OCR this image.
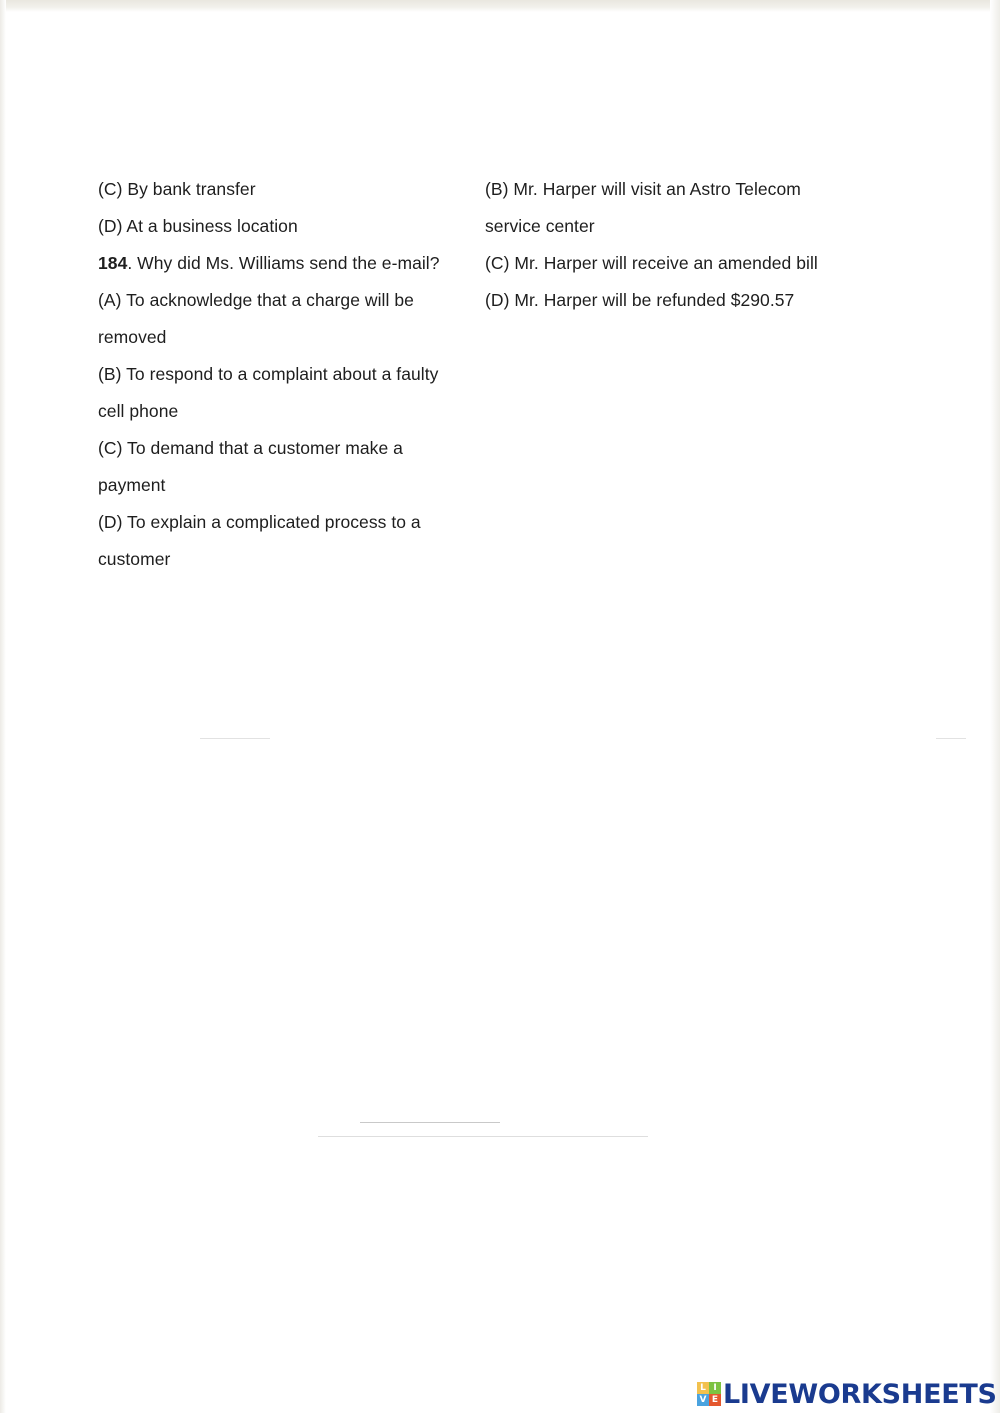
(C) By bank transfer
(D) At a business location
184. Why did Ms. Williams send the e-mail?
(A) To acknowledge that a charge will be
removed
(B) To respond to a complaint about a faulty
cell phone
(C) To demand that a customer make a
payment
(D) To explain a complicated process to a
customer
(B) Mr. Harper will visit an Astro Telecom
service center
(C) Mr. Harper will receive an amended bill
(D) Mr. Harper will be refunded $290.57
L I
V E LIVEWORKSHEETS
